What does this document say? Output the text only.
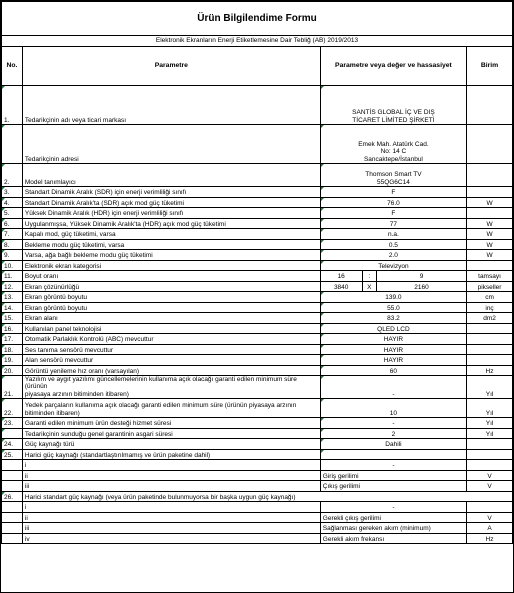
Ürün Bilgilendime Formu					
Elektronik Ekranların Enerji Etiketlemesine Dair Tebliğ (AB) 2019/2013					
No.	Parametre	Parametre veya değer ve hassasiyet			Birim
1.	Tedarikçinin adı veya ticari markası	SANTİS GLOBAL İÇ VE DIŞ
TİCARET LİMİTED ŞİRKETİ			

	Tedarikçinin adresi	Emek Mah. Atatürk Cad.
No: 14 C
Sancaktepe/İstanbul			

2.	Model tanımlayıcı	Thomson Smart TV
55QG6C14			

3.	Standart Dinamik Aralık (SDR) için enerji verimliliği sınıfı	F			
4.	Standart Dinamik Aralık'ta (SDR) açık mod güç tüketimi	76.0			W
5.	Yüksek Dinamik Aralık (HDR) için enerji verimliliği sınıfı	F			
6.	Uygulanmışsa, Yüksek Dinamik Aralık'ta (HDR) açık mod güç tüketimi	77			W
7.	Kapalı mod, güç tüketimi, varsa	n.a.			W
8.	Bekleme modu güç tüketimi, varsa	0.5			W
9.	Varsa, ağa bağlı bekleme modu güç tüketimi	2.0			W
10.	Elektronik ekran kategorisi	Televizyon			
11.	Boyut oranı	16	:	9	tamsayı
12.	Ekran çözünürlüğü	3840	X	2160	pikseller
13.	Ekran görüntü boyutu	139.0			cm
14.	Ekran görüntü boyutu	55.0			inç
15.	Ekran alanı	83.2			dm2
16.	Kullanılan panel teknolojisi	QLED LCD			
17.	Otomatik Parlaklık Kontrolü (ABC) mevcuttur	HAYIR			
18.	Ses tanıma sensörü mevcuttur	HAYIR			
19.	Alan sensörü mevcuttur	HAYIR			
20.	Görüntü yenileme hız oranı (varsayılan)	60			Hz
21.	Yazılım ve aygıt yazılımı güncellemelerinin kullanıma açık olacağı garanti edilen minimum süre (ürünün
piyasaya arzının bitiminden itibaren)	-			Yıl
22.	Yedek parçaların kullanıma açık olacağı garanti edilen minimum süre (ürünün piyasaya arzının
bitiminden itibaren)	10			Yıl
23.	Garanti edilen minimum ürün desteği hizmet süresi	-			Yıl
	Tedarikçinin sunduğu genel garantinin asgari süresi	2			Yıl
24.	Güç kaynağı türü	Dahili			
25.	Harici güç kaynağı (standartlaştırılmamış ve ürün paketine dahil)				
	i	-			
	ii	Giriş gerilimi			V
	iii	Çıkış gerilimi			V
26.	Harici standart güç kaynağı (veya ürün paketinde bulunmuyorsa bir başka uygun güç kaynağı)				
	i	-			
	ii	Gerekli çıkış gerilimi			V
	iii	Sağlanması gereken akım (minimum)			A
	iv	Gerekli akım frekansı			Hz
